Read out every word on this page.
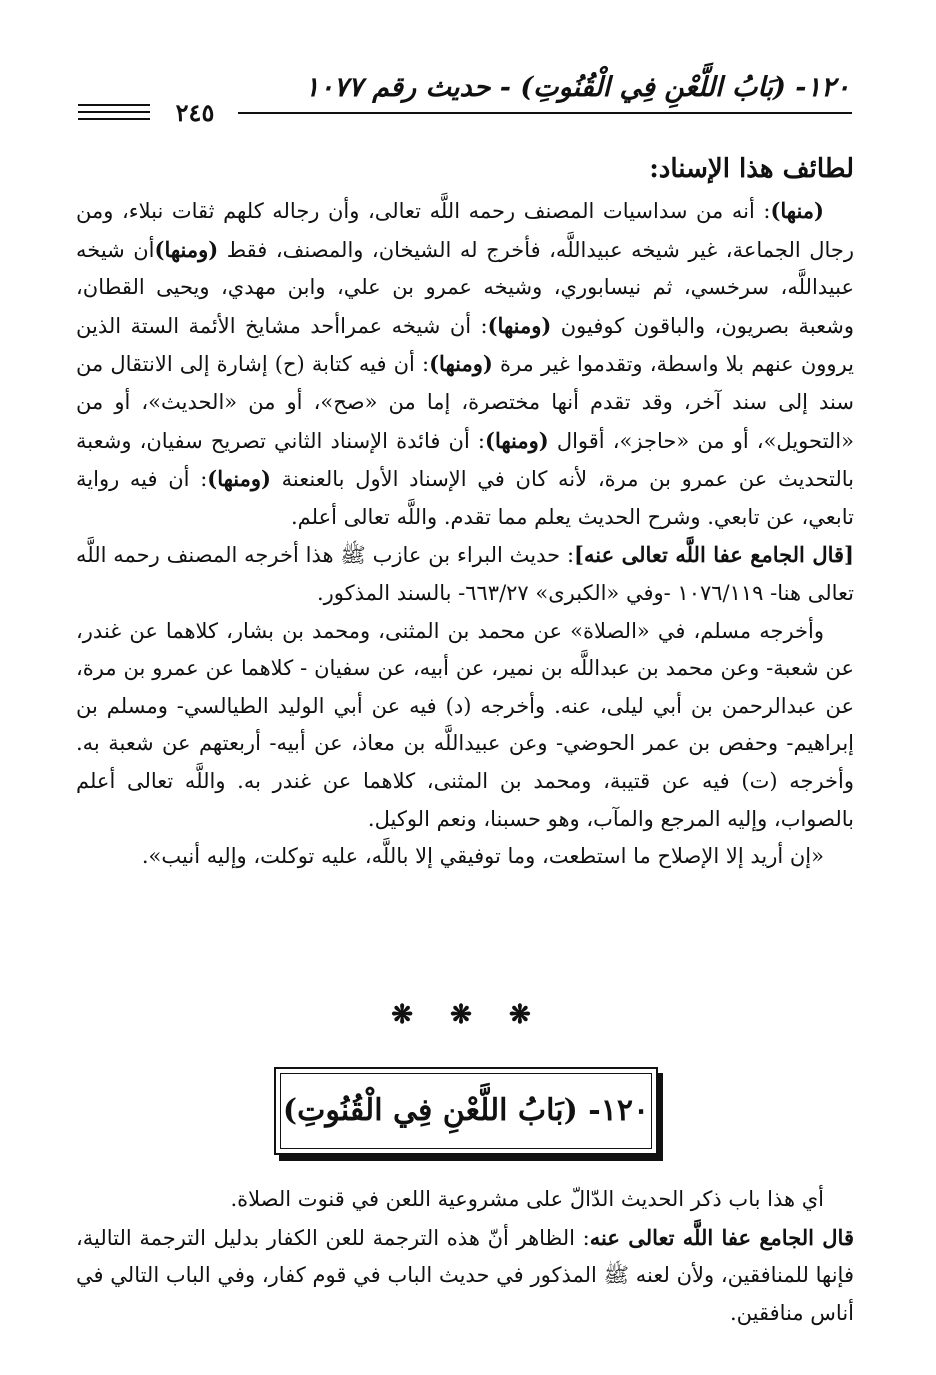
١٢٠- (بَابُ اللَّعْنِ فِي الْقُنُوتِ) - حديث رقم ١٠٧٧
٢٤٥
لطائف هذا الإسناد:

(منها): أنه من سداسيات المصنف رحمه اللَّه تعالى، وأن رجاله كلهم ثقات نبلاء، ومن رجال الجماعة، غير شيخه عبيداللَّه، فأخرج له الشيخان، والمصنف، فقط (ومنها)أن شيخه عبيداللَّه، سرخسي، ثم نيسابوري، وشيخه عمرو بن علي، وابن مهدي، ويحيى القطان، وشعبة بصريون، والباقون كوفيون (ومنها): أن شيخه عمراأحد مشايخ الأئمة الستة الذين يروون عنهم بلا واسطة، وتقدموا غير مرة (ومنها): أن فيه كتابة (ح) إشارة إلى الانتقال من سند إلى سند آخر، وقد تقدم أنها مختصرة، إما من «صح»، أو من «الحديث»، أو من «التحويل»، أو من «حاجز»، أقوال (ومنها): أن فائدة الإسناد الثاني تصريح سفيان، وشعبة بالتحديث عن عمرو بن مرة، لأنه كان في الإسناد الأول بالعنعنة (ومنها): أن فيه رواية تابعي، عن تابعي. وشرح الحديث يعلم مما تقدم. واللَّه تعالى أعلم.

[قال الجامع عفا اللَّه تعالى عنه]: حديث البراء بن عازب ﷺ هذا أخرجه المصنف رحمه اللَّه تعالى هنا- ١٠٧٦/١١٩ -وفي «الكبرى» ٦٦٣/٢٧- بالسند المذكور.

وأخرجه مسلم، في «الصلاة» عن محمد بن المثنى، ومحمد بن بشار، كلاهما عن غندر، عن شعبة- وعن محمد بن عبداللَّه بن نمير، عن أبيه، عن سفيان - كلاهما عن عمرو بن مرة، عن عبدالرحمن بن أبي ليلى، عنه. وأخرجه (د) فيه عن أبي الوليد الطيالسي- ومسلم بن إبراهيم- وحفص بن عمر الحوضي- وعن عبيداللَّه بن معاذ، عن أبيه- أربعتهم عن شعبة به. وأخرجه (ت) فيه عن قتيبة، ومحمد بن المثنى، كلاهما عن غندر به. واللَّه تعالى أعلم بالصواب، وإليه المرجع والمآب، وهو حسبنا، ونعم الوكيل.

«إن أريد إلا الإصلاح ما استطعت، وما توفيقي إلا باللَّه، عليه توكلت، وإليه أنيب».

❋ ❋ ❋
١٢٠- (بَابُ اللَّعْنِ فِي الْقُنُوتِ)

أي هذا باب ذكر الحديث الدّالّ على مشروعية اللعن في قنوت الصلاة.

قال الجامع عفا اللَّه تعالى عنه: الظاهر أنّ هذه الترجمة للعن الكفار بدليل الترجمة التالية، فإنها للمنافقين، ولأن لعنه ﷺ المذكور في حديث الباب في قوم كفار، وفي الباب التالي في أناس منافقين.
